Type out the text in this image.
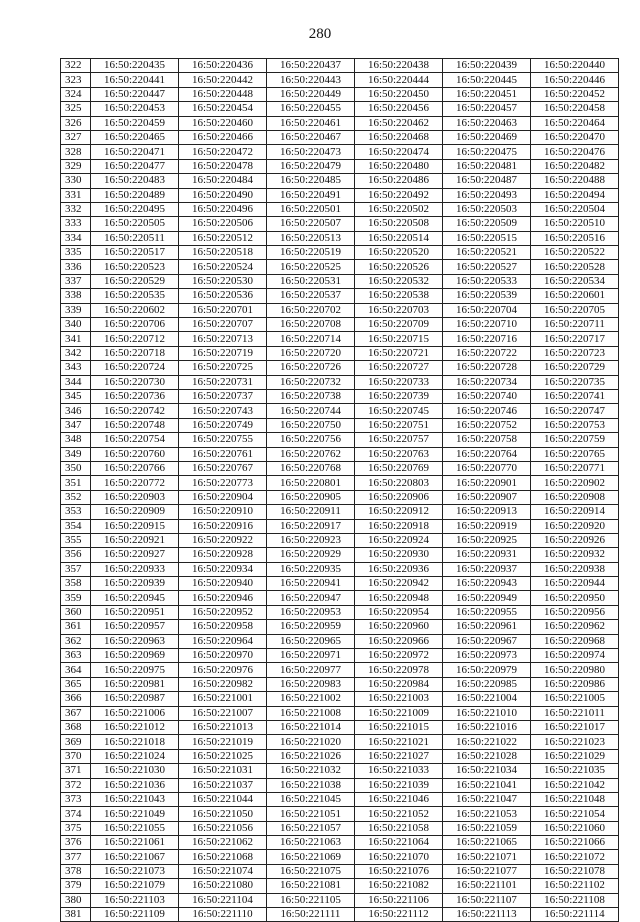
280
322	16:50:220435	16:50:220436	16:50:220437	16:50:220438	16:50:220439	16:50:220440
323	16:50:220441	16:50:220442	16:50:220443	16:50:220444	16:50:220445	16:50:220446
324	16:50:220447	16:50:220448	16:50:220449	16:50:220450	16:50:220451	16:50:220452
325	16:50:220453	16:50:220454	16:50:220455	16:50:220456	16:50:220457	16:50:220458
326	16:50:220459	16:50:220460	16:50:220461	16:50:220462	16:50:220463	16:50:220464
327	16:50:220465	16:50:220466	16:50:220467	16:50:220468	16:50:220469	16:50:220470
328	16:50:220471	16:50:220472	16:50:220473	16:50:220474	16:50:220475	16:50:220476
329	16:50:220477	16:50:220478	16:50:220479	16:50:220480	16:50:220481	16:50:220482
330	16:50:220483	16:50:220484	16:50:220485	16:50:220486	16:50:220487	16:50:220488
331	16:50:220489	16:50:220490	16:50:220491	16:50:220492	16:50:220493	16:50:220494
332	16:50:220495	16:50:220496	16:50:220501	16:50:220502	16:50:220503	16:50:220504
333	16:50:220505	16:50:220506	16:50:220507	16:50:220508	16:50:220509	16:50:220510
334	16:50:220511	16:50:220512	16:50:220513	16:50:220514	16:50:220515	16:50:220516
335	16:50:220517	16:50:220518	16:50:220519	16:50:220520	16:50:220521	16:50:220522
336	16:50:220523	16:50:220524	16:50:220525	16:50:220526	16:50:220527	16:50:220528
337	16:50:220529	16:50:220530	16:50:220531	16:50:220532	16:50:220533	16:50:220534
338	16:50:220535	16:50:220536	16:50:220537	16:50:220538	16:50:220539	16:50:220601
339	16:50:220602	16:50:220701	16:50:220702	16:50:220703	16:50:220704	16:50:220705
340	16:50:220706	16:50:220707	16:50:220708	16:50:220709	16:50:220710	16:50:220711
341	16:50:220712	16:50:220713	16:50:220714	16:50:220715	16:50:220716	16:50:220717
342	16:50:220718	16:50:220719	16:50:220720	16:50:220721	16:50:220722	16:50:220723
343	16:50:220724	16:50:220725	16:50:220726	16:50:220727	16:50:220728	16:50:220729
344	16:50:220730	16:50:220731	16:50:220732	16:50:220733	16:50:220734	16:50:220735
345	16:50:220736	16:50:220737	16:50:220738	16:50:220739	16:50:220740	16:50:220741
346	16:50:220742	16:50:220743	16:50:220744	16:50:220745	16:50:220746	16:50:220747
347	16:50:220748	16:50:220749	16:50:220750	16:50:220751	16:50:220752	16:50:220753
348	16:50:220754	16:50:220755	16:50:220756	16:50:220757	16:50:220758	16:50:220759
349	16:50:220760	16:50:220761	16:50:220762	16:50:220763	16:50:220764	16:50:220765
350	16:50:220766	16:50:220767	16:50:220768	16:50:220769	16:50:220770	16:50:220771
351	16:50:220772	16:50:220773	16:50:220801	16:50:220803	16:50:220901	16:50:220902
352	16:50:220903	16:50:220904	16:50:220905	16:50:220906	16:50:220907	16:50:220908
353	16:50:220909	16:50:220910	16:50:220911	16:50:220912	16:50:220913	16:50:220914
354	16:50:220915	16:50:220916	16:50:220917	16:50:220918	16:50:220919	16:50:220920
355	16:50:220921	16:50:220922	16:50:220923	16:50:220924	16:50:220925	16:50:220926
356	16:50:220927	16:50:220928	16:50:220929	16:50:220930	16:50:220931	16:50:220932
357	16:50:220933	16:50:220934	16:50:220935	16:50:220936	16:50:220937	16:50:220938
358	16:50:220939	16:50:220940	16:50:220941	16:50:220942	16:50:220943	16:50:220944
359	16:50:220945	16:50:220946	16:50:220947	16:50:220948	16:50:220949	16:50:220950
360	16:50:220951	16:50:220952	16:50:220953	16:50:220954	16:50:220955	16:50:220956
361	16:50:220957	16:50:220958	16:50:220959	16:50:220960	16:50:220961	16:50:220962
362	16:50:220963	16:50:220964	16:50:220965	16:50:220966	16:50:220967	16:50:220968
363	16:50:220969	16:50:220970	16:50:220971	16:50:220972	16:50:220973	16:50:220974
364	16:50:220975	16:50:220976	16:50:220977	16:50:220978	16:50:220979	16:50:220980
365	16:50:220981	16:50:220982	16:50:220983	16:50:220984	16:50:220985	16:50:220986
366	16:50:220987	16:50:221001	16:50:221002	16:50:221003	16:50:221004	16:50:221005
367	16:50:221006	16:50:221007	16:50:221008	16:50:221009	16:50:221010	16:50:221011
368	16:50:221012	16:50:221013	16:50:221014	16:50:221015	16:50:221016	16:50:221017
369	16:50:221018	16:50:221019	16:50:221020	16:50:221021	16:50:221022	16:50:221023
370	16:50:221024	16:50:221025	16:50:221026	16:50:221027	16:50:221028	16:50:221029
371	16:50:221030	16:50:221031	16:50:221032	16:50:221033	16:50:221034	16:50:221035
372	16:50:221036	16:50:221037	16:50:221038	16:50:221039	16:50:221041	16:50:221042
373	16:50:221043	16:50:221044	16:50:221045	16:50:221046	16:50:221047	16:50:221048
374	16:50:221049	16:50:221050	16:50:221051	16:50:221052	16:50:221053	16:50:221054
375	16:50:221055	16:50:221056	16:50:221057	16:50:221058	16:50:221059	16:50:221060
376	16:50:221061	16:50:221062	16:50:221063	16:50:221064	16:50:221065	16:50:221066
377	16:50:221067	16:50:221068	16:50:221069	16:50:221070	16:50:221071	16:50:221072
378	16:50:221073	16:50:221074	16:50:221075	16:50:221076	16:50:221077	16:50:221078
379	16:50:221079	16:50:221080	16:50:221081	16:50:221082	16:50:221101	16:50:221102
380	16:50:221103	16:50:221104	16:50:221105	16:50:221106	16:50:221107	16:50:221108
381	16:50:221109	16:50:221110	16:50:221111	16:50:221112	16:50:221113	16:50:221114
